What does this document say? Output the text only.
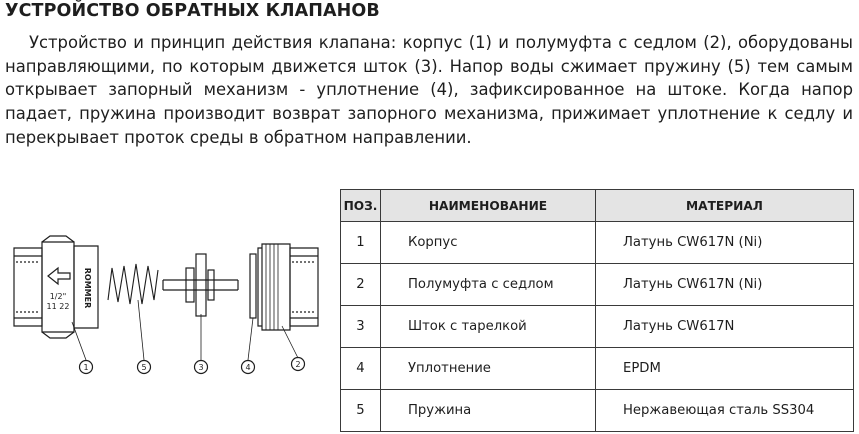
УСТРОЙСТВО ОБРАТНЫХ КЛАПАНОВ
Устройство и принцип действия клапана: корпус (1) и полумуфта с седлом (2), оборудованы направляющими, по которым движется шток (3). Напор воды сжимает пружину (5) тем самым открывает запорный механизм - уплотнение (4), зафиксированное на штоке. Когда напор падает, пружина производит возврат запорного механизма, прижимает уплотнение к седлу и перекрывает проток среды в обратном направлении.
1/2"
11 22 ROMMER
1	5	3	4	2
ПОЗ.	НАИМЕНОВАНИЕ	МАТЕРИАЛ
1	Корпус	Латунь CW617N (Ni)
2	Полумуфта с седлом	Латунь CW617N (Ni)
3	Шток с тарелкой	Латунь CW617N
4	Уплотнение	EPDM
5	Пружина	Нержавеющая сталь SS304
